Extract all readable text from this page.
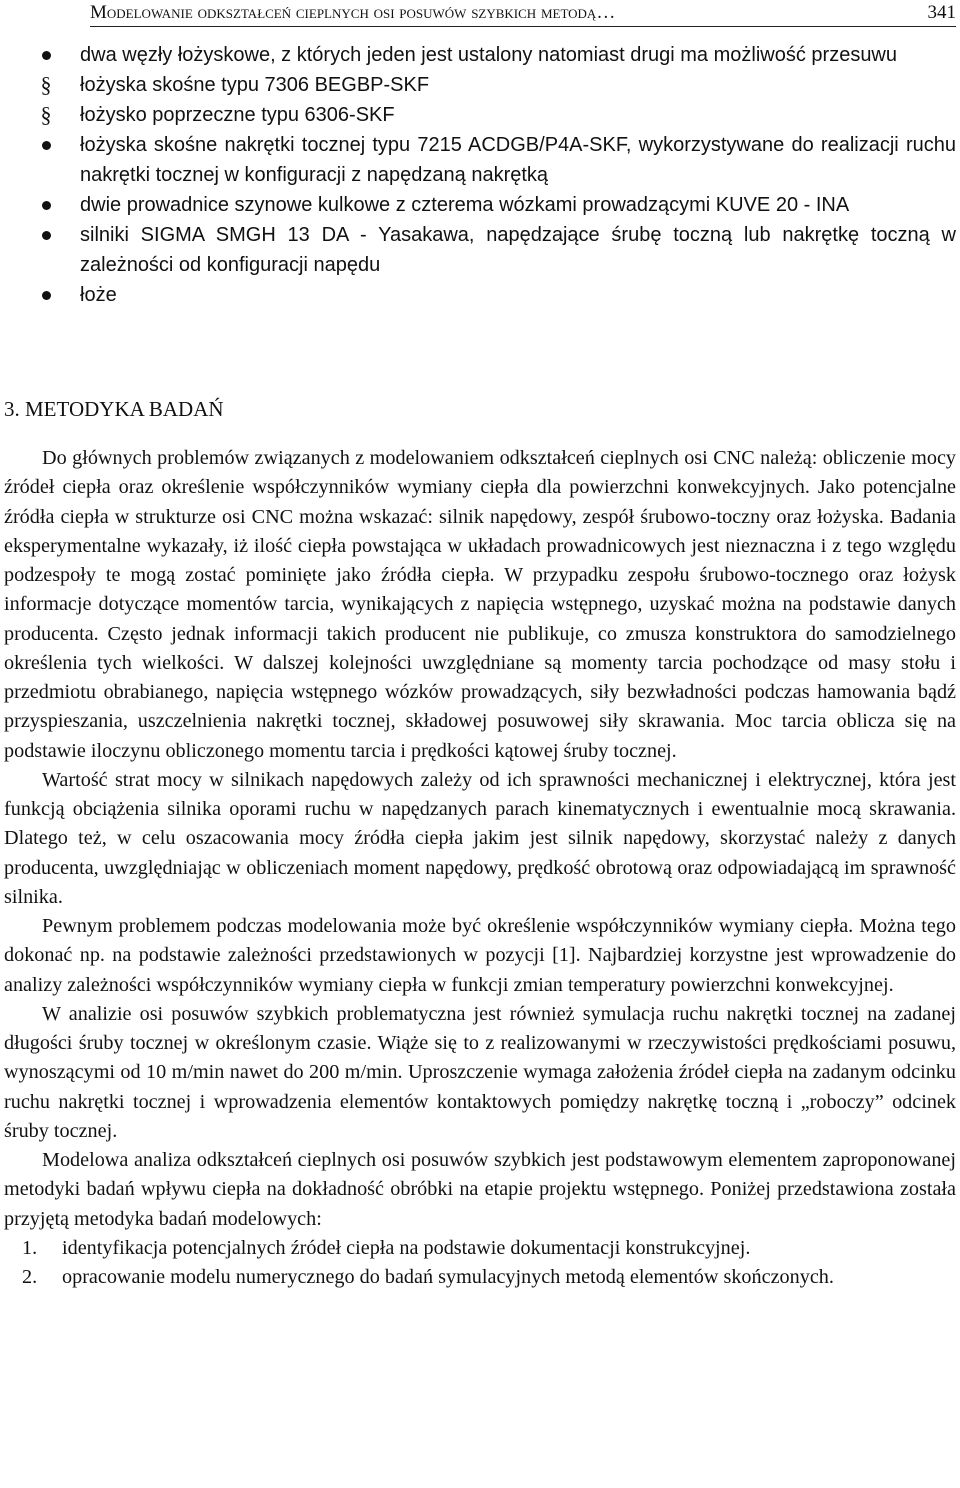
Modelowanie odkształceń cieplnych osi posuwów szybkich metodą…	341
dwa węzły łożyskowe, z których jeden jest ustalony natomiast drugi ma możliwość przesuwu
§ łożyska skośne typu 7306 BEGBP-SKF
§ łożysko poprzeczne typu 6306-SKF
łożyska skośne nakrętki tocznej typu 7215 ACDGB/P4A-SKF, wykorzystywane do realizacji ruchu nakrętki tocznej w konfiguracji z napędzaną nakrętką
dwie prowadnice szynowe kulkowe z czterema wózkami prowadzącymi KUVE 20 - INA
silniki SIGMA SMGH 13 DA - Yasakawa, napędzające śrubę toczną lub nakrętkę toczną w zależności od konfiguracji napędu
łoże
3. METODYKA BADAŃ

Do głównych problemów związanych z modelowaniem odkształceń cieplnych osi CNC należą: obliczenie mocy źródeł ciepła oraz określenie współczynników wymiany ciepła dla powierzchni konwekcyjnych. Jako potencjalne źródła ciepła w strukturze osi CNC można wskazać: silnik napędowy, zespół śrubowo-toczny oraz łożyska. Badania eksperymentalne wykazały, iż ilość ciepła powstająca w układach prowadnicowych jest nieznaczna i z tego względu podzespoły te mogą zostać pominięte jako źródła ciepła. W przypadku zespołu śrubowo-tocznego oraz łożysk informacje dotyczące momentów tarcia, wynikających z napięcia wstępnego, uzyskać można na podstawie danych producenta. Często jednak informacji takich producent nie publikuje, co zmusza konstruktora do samodzielnego określenia tych wielkości. W dalszej kolejności uwzględniane są momenty tarcia pochodzące od masy stołu i przedmiotu obrabianego, napięcia wstępnego wózków prowadzących, siły bezwładności podczas hamowania bądź przyspieszania, uszczelnienia nakrętki tocznej, składowej posuwowej siły skrawania. Moc tarcia oblicza się na podstawie iloczynu obliczonego momentu tarcia i prędkości kątowej śruby tocznej.

Wartość strat mocy w silnikach napędowych zależy od ich sprawności mechanicznej i elektrycznej, która jest funkcją obciążenia silnika oporami ruchu w napędzanych parach kinematycznych i ewentualnie mocą skrawania. Dlatego też, w celu oszacowania mocy źródła ciepła jakim jest silnik napędowy, skorzystać należy z danych producenta, uwzględniając w obliczeniach moment napędowy, prędkość obrotową oraz odpowiadającą im sprawność silnika.

Pewnym problemem podczas modelowania może być określenie współczynników wymiany ciepła. Można tego dokonać np. na podstawie zależności przedstawionych w pozycji [1]. Najbardziej korzystne jest wprowadzenie do analizy zależności współczynników wymiany ciepła w funkcji zmian temperatury powierzchni konwekcyjnej.

W analizie osi posuwów szybkich problematyczna jest również symulacja ruchu nakrętki tocznej na zadanej długości śruby tocznej w określonym czasie. Wiąże się to z realizowanymi w rzeczywistości prędkościami posuwu, wynoszącymi od 10 m/min nawet do 200 m/min. Uproszczenie wymaga założenia źródeł ciepła na zadanym odcinku ruchu nakrętki tocznej i wprowadzenia elementów kontaktowych pomiędzy nakrętkę toczną i „roboczy” odcinek śruby tocznej.

Modelowa analiza odkształceń cieplnych osi posuwów szybkich jest podstawowym elementem zaproponowanej metodyki badań wpływu ciepła na dokładność obróbki na etapie projektu wstępnego. Poniżej przedstawiona została przyjętą metodyka badań modelowych:

1. identyfikacja potencjalnych źródeł ciepła na podstawie dokumentacji konstrukcyjnej.
2. opracowanie modelu numerycznego do badań symulacyjnych metodą elementów skończonych.
